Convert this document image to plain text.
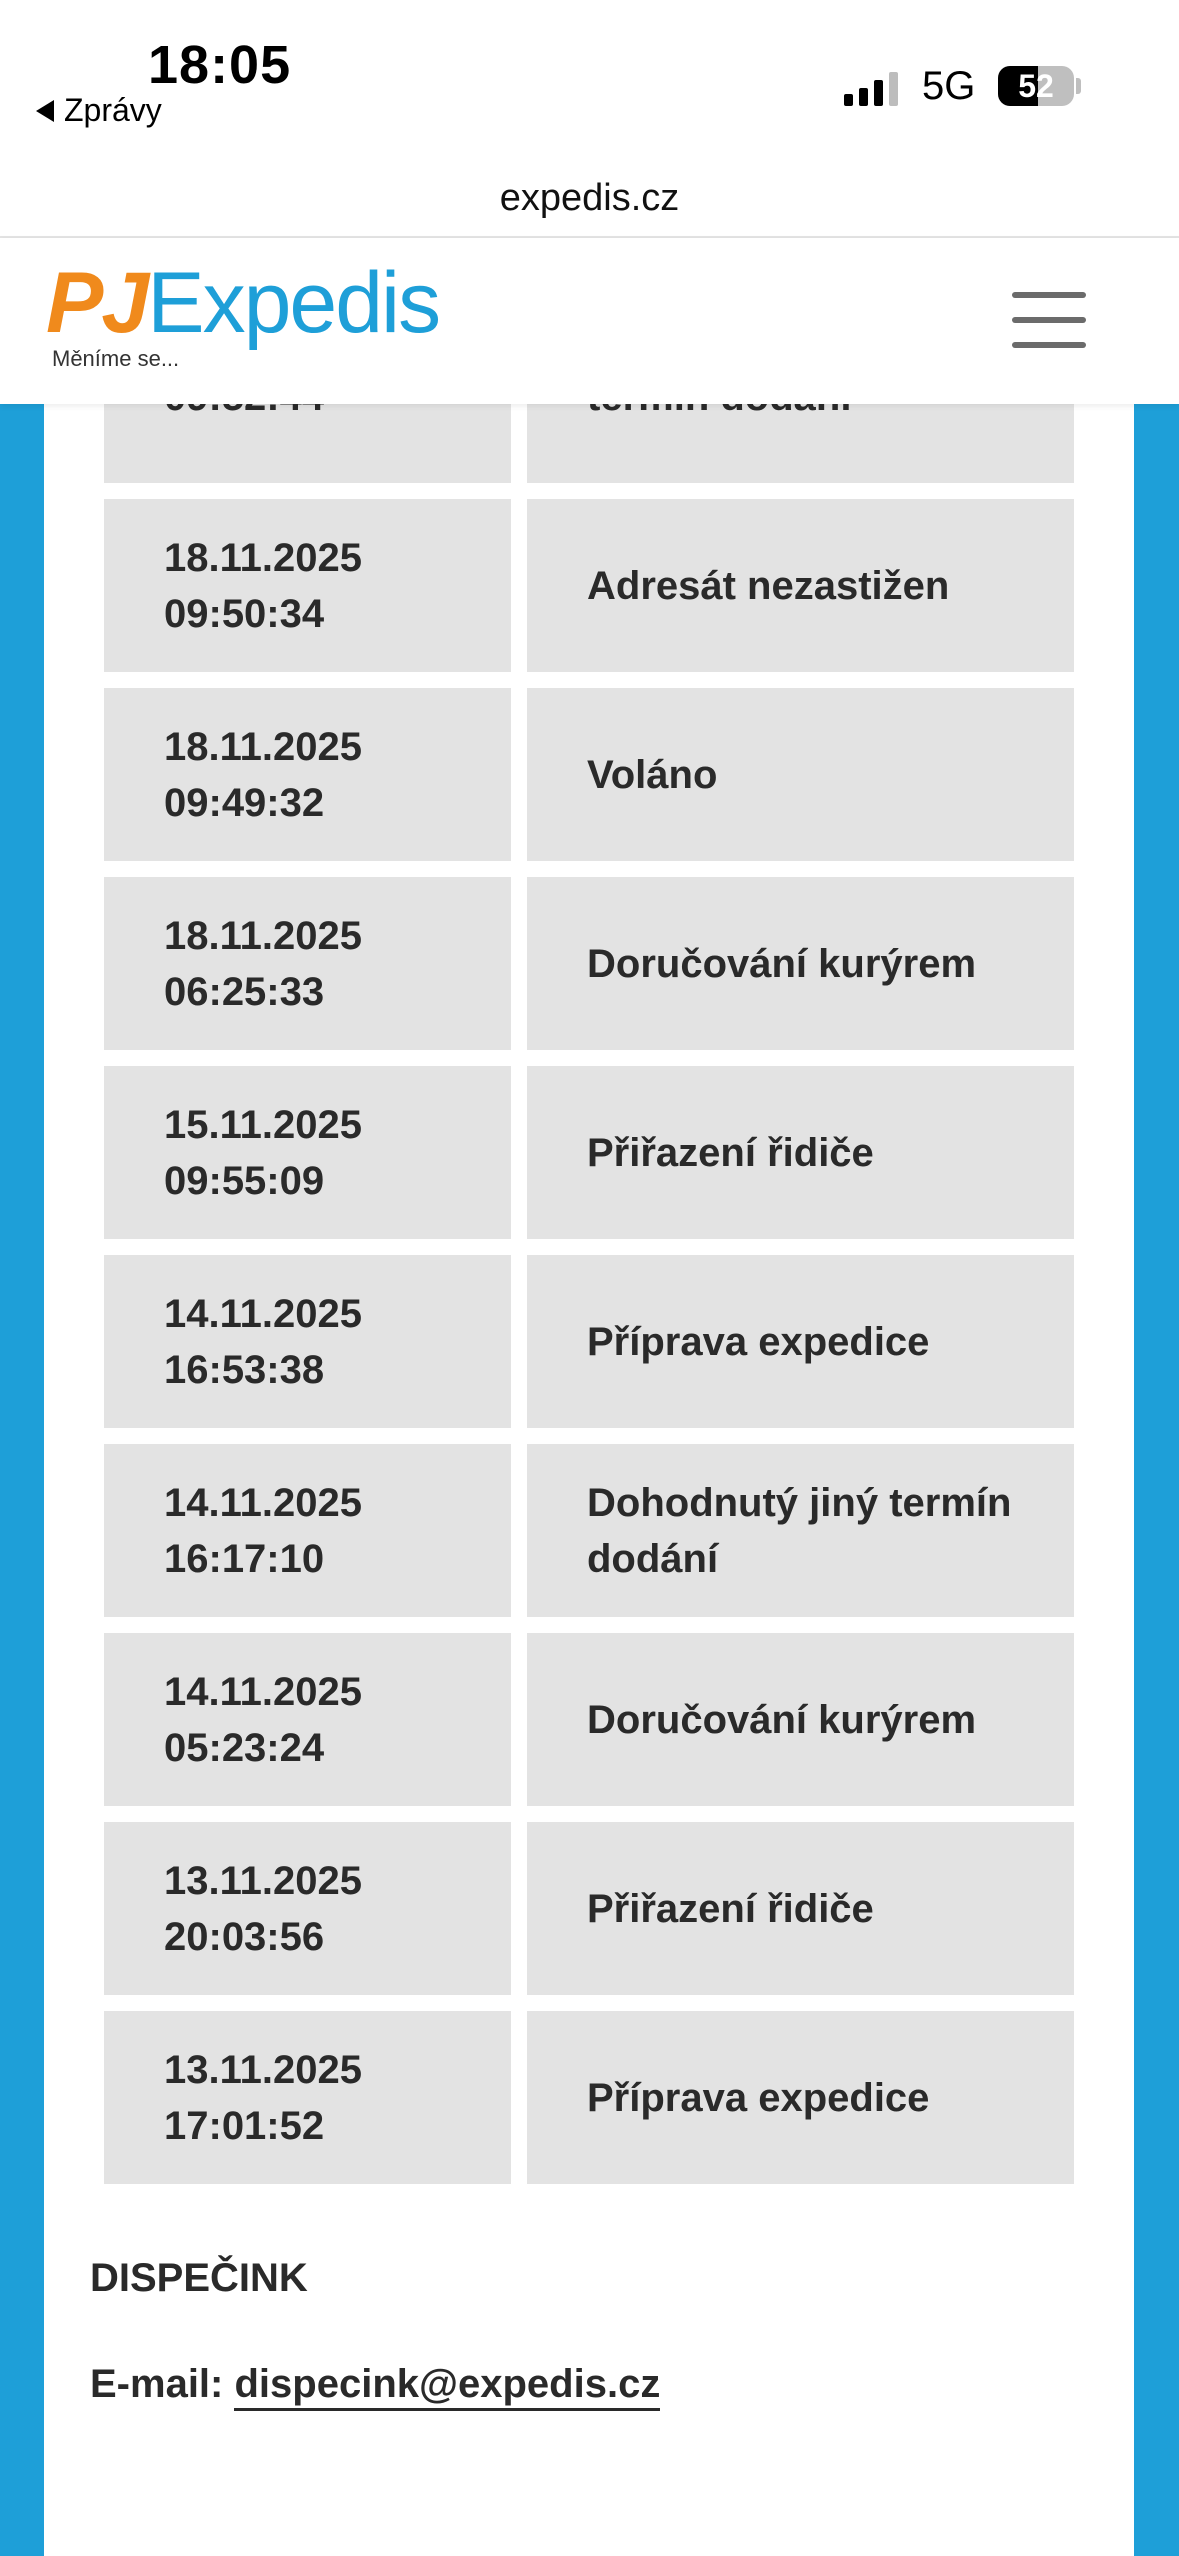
18:05
Zprávy
5G	52
expedis.cz
PJExpedis
Měníme se...
18.11.2025
09:50:34
Adresát nezastižen
18.11.2025
09:49:32
Voláno
18.11.2025
06:25:33
Doručování kurýrem
15.11.2025
09:55:09
Přiřazení řidiče
14.11.2025
16:53:38
Příprava expedice
14.11.2025
16:17:10
Dohodnutý jiný termín dodání
14.11.2025
05:23:24
Doručování kurýrem
13.11.2025
20:03:56
Přiřazení řidiče
13.11.2025
17:01:52
Příprava expedice
DISPEČINK
E-mail: dispecink@expedis.cz
